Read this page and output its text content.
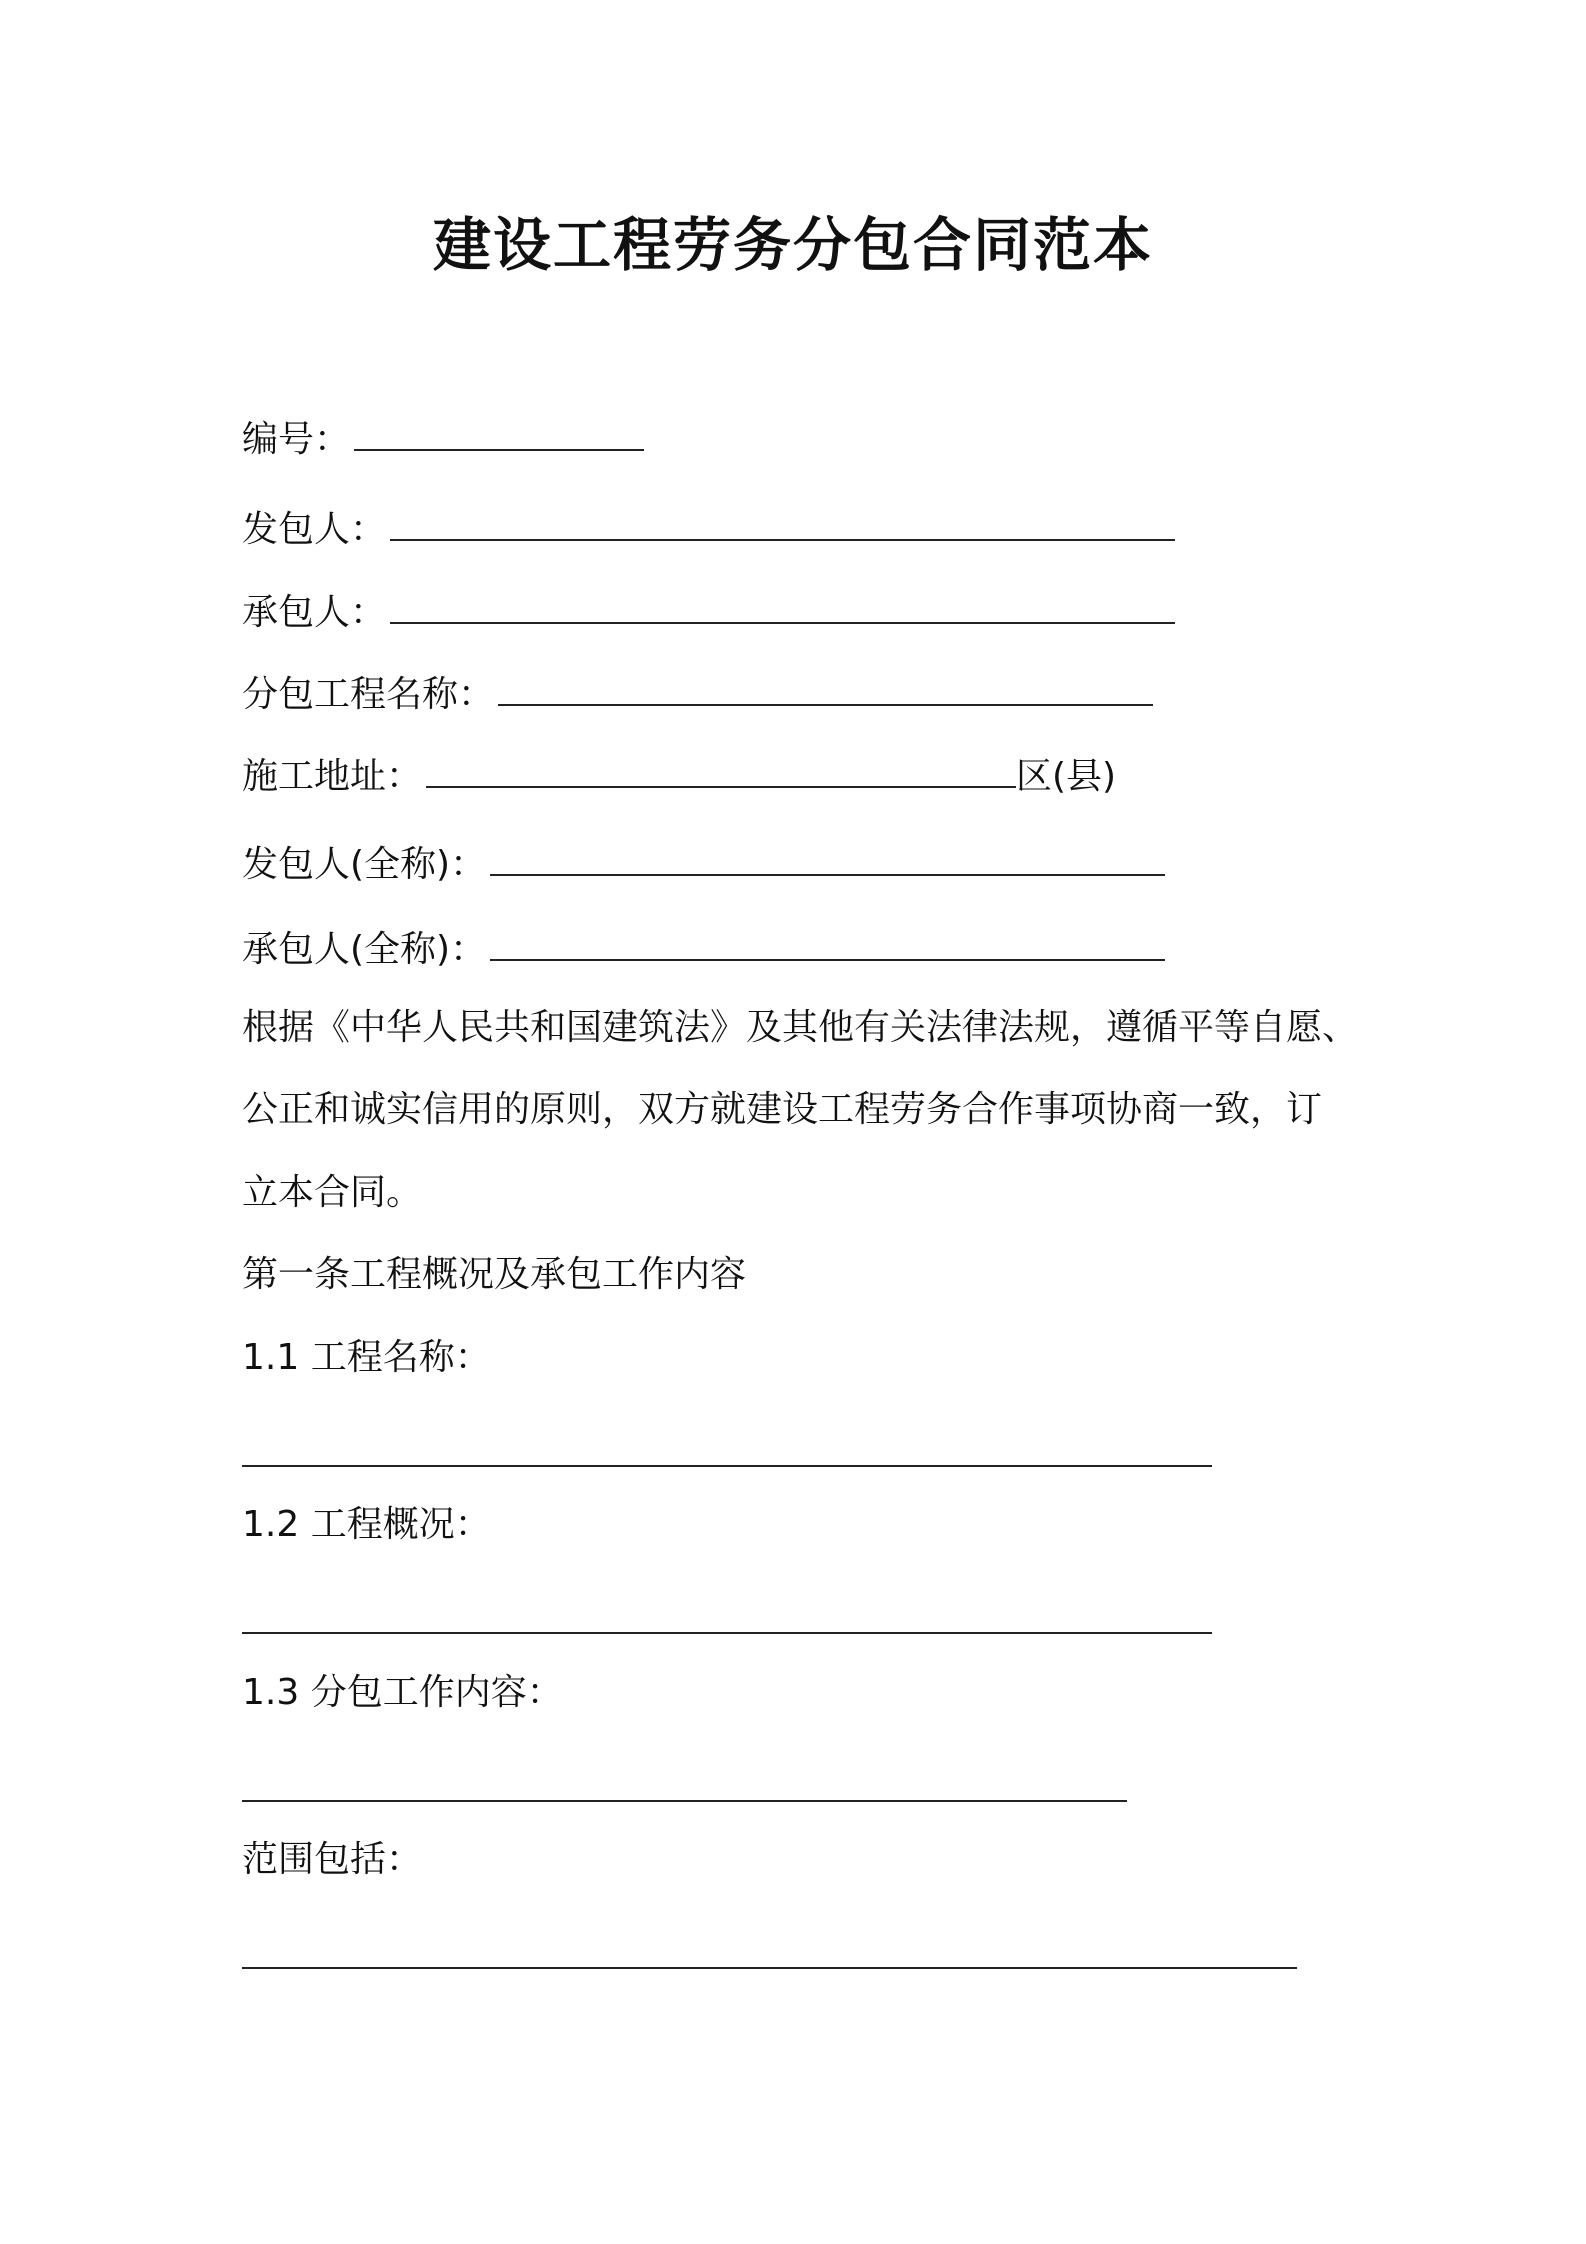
建设工程劳务分包合同范本

编号：

发包人：

承包人：

分包工程名称：

施工地址：	区(县)

发包人(全称)：

承包人(全称)：

根据《中华人民共和国建筑法》及其他有关法律法规，遵循平等自愿、

公正和诚实信用的原则，双方就建设工程劳务合作事项协商一致，订

立本合同。

第一条工程概况及承包工作内容

1.1 工程名称：

1.2 工程概况：

1.3 分包工作内容：

范围包括：
